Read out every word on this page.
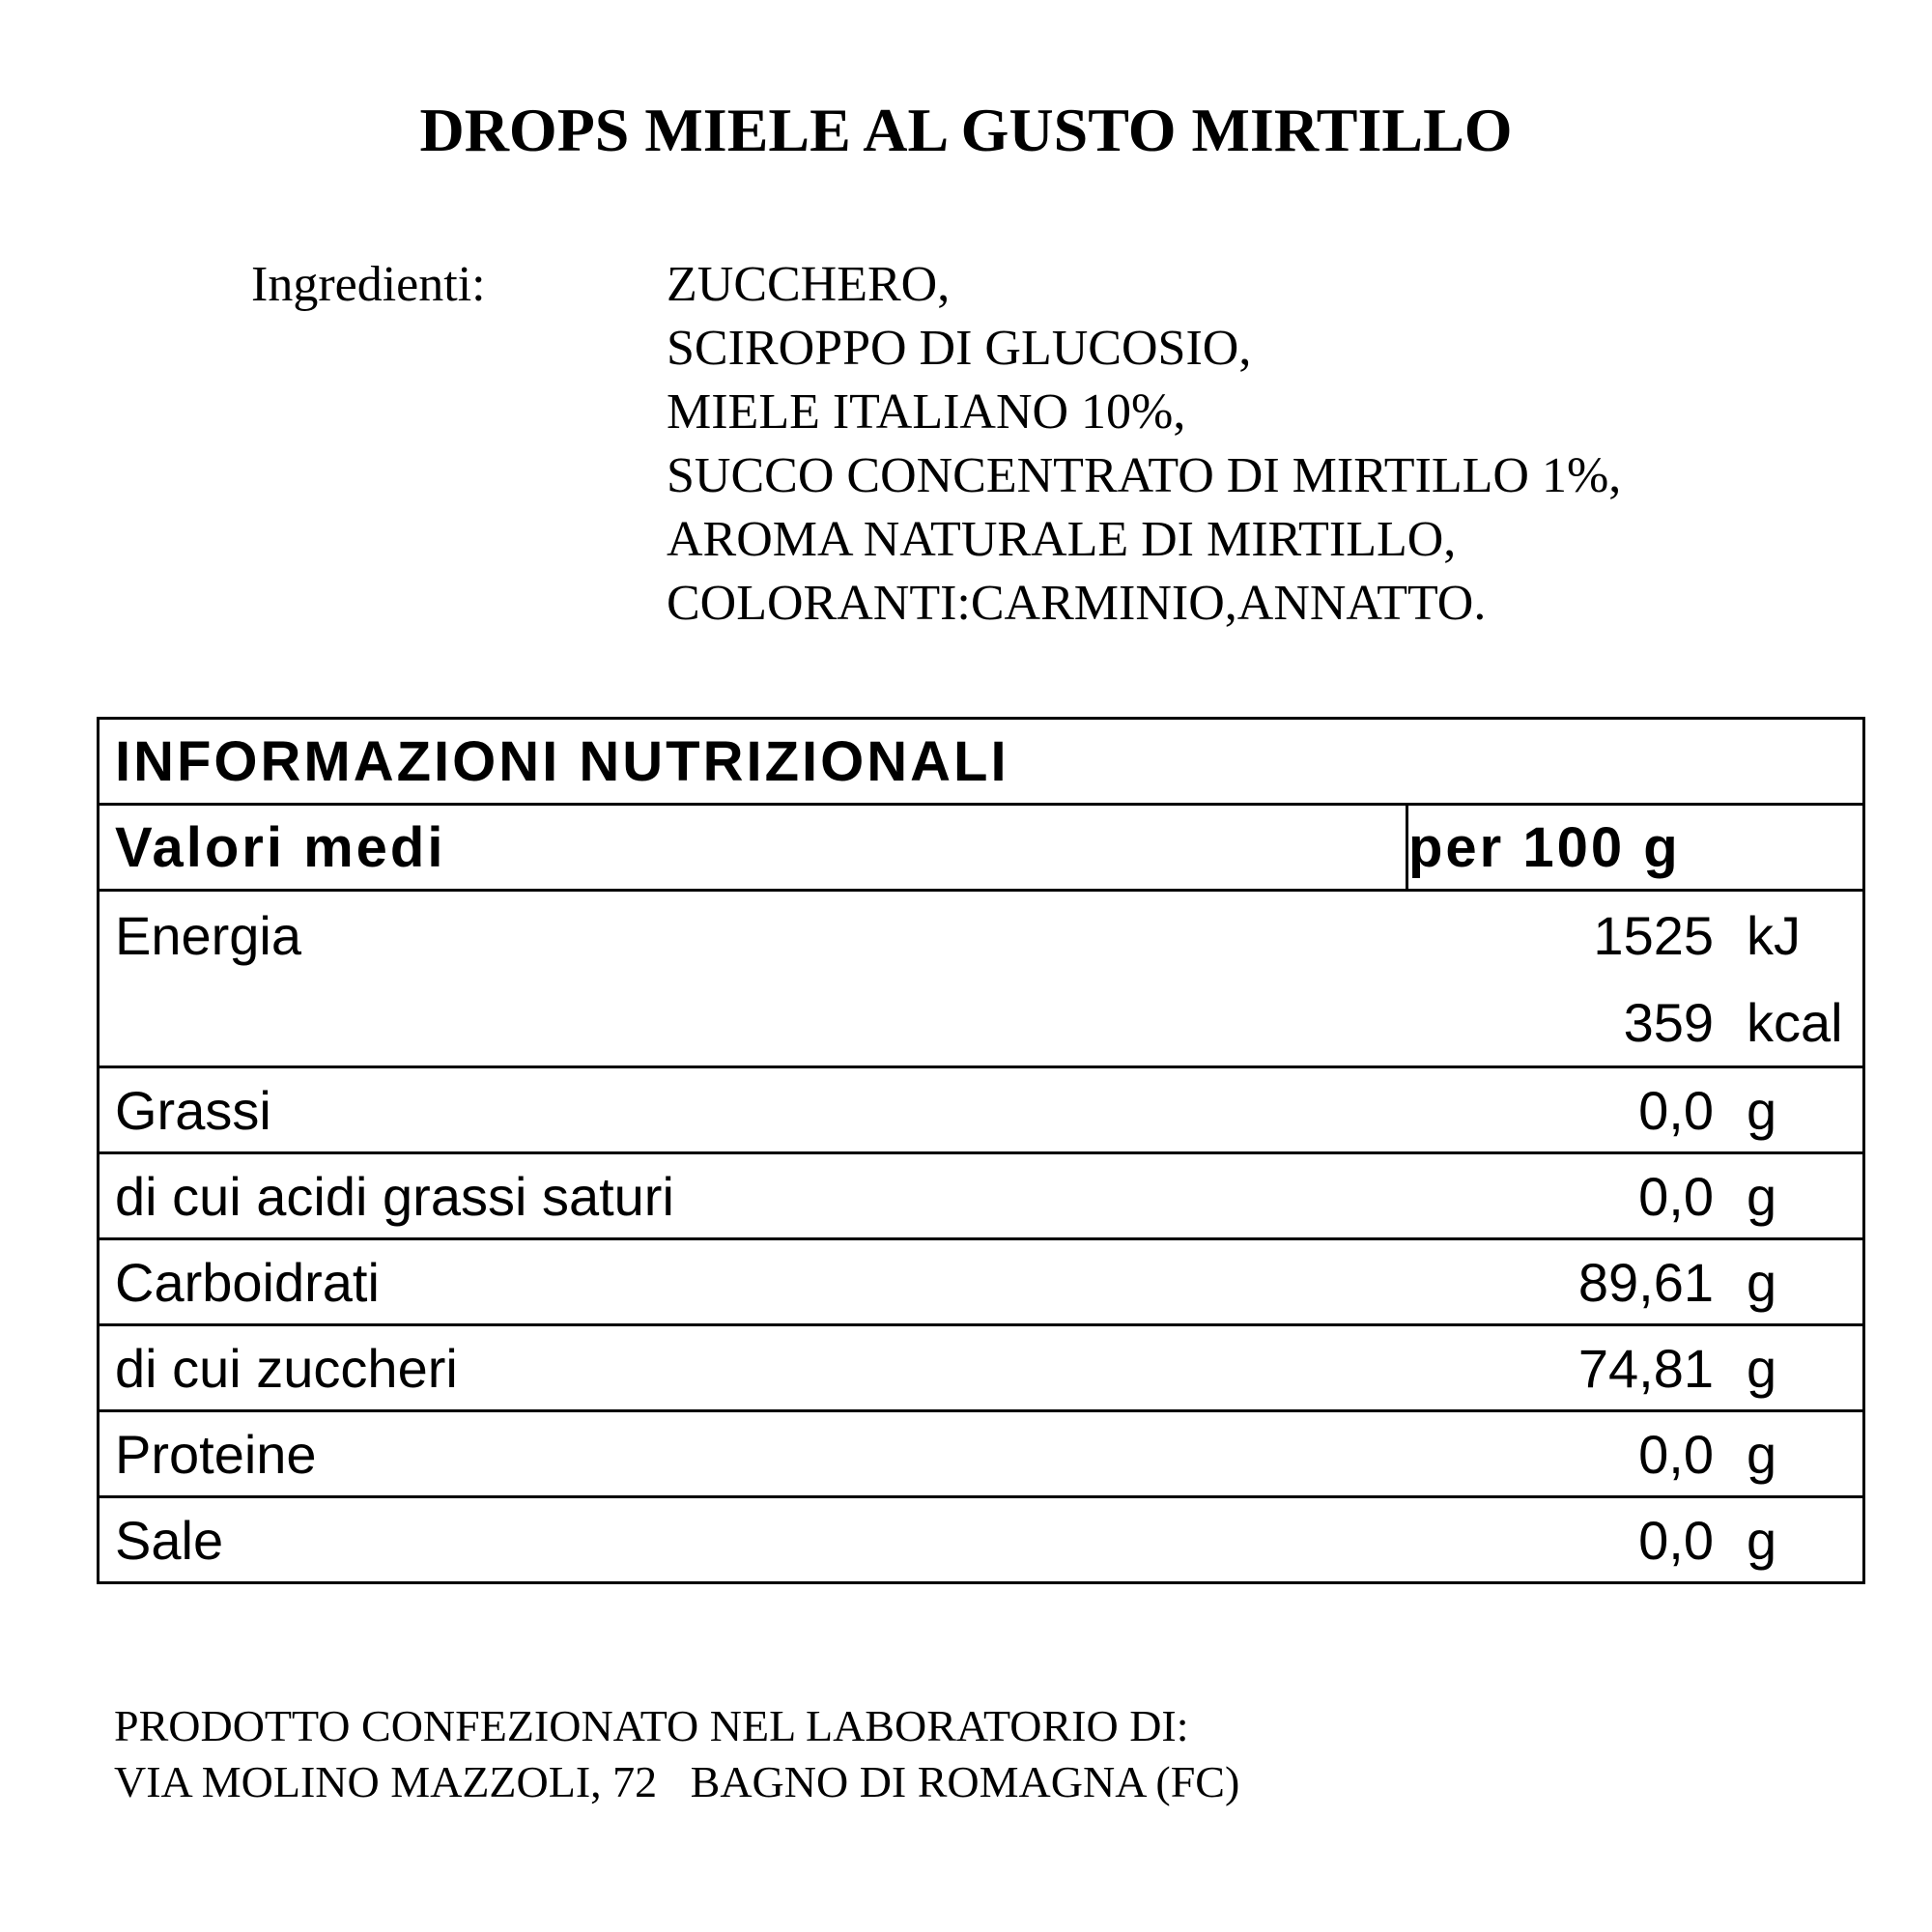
DROPS MIELE AL GUSTO MIRTILLO
Ingredienti:	ZUCCHERO,
SCIROPPO DI GLUCOSIO,
MIELE ITALIANO 10%,
SUCCO CONCENTRATO DI MIRTILLO 1%,
AROMA NATURALE DI MIRTILLO,
COLORANTI:CARMINIO,ANNATTO.
INFORMAZIONI NUTRIZIONALI
Valori medi	per 100 g

Energia	1525 kJ
359 kcal

Grassi	0,0 g

di cui acidi grassi saturi	0,0 g

Carboidrati	89,61 g

di cui zuccheri	74,81 g

Proteine	0,0 g

Sale	0,0 g
PRODOTTO CONFEZIONATO NEL LABORATORIO DI:
VIA MOLINO MAZZOLI, 72   BAGNO DI ROMAGNA (FC)
